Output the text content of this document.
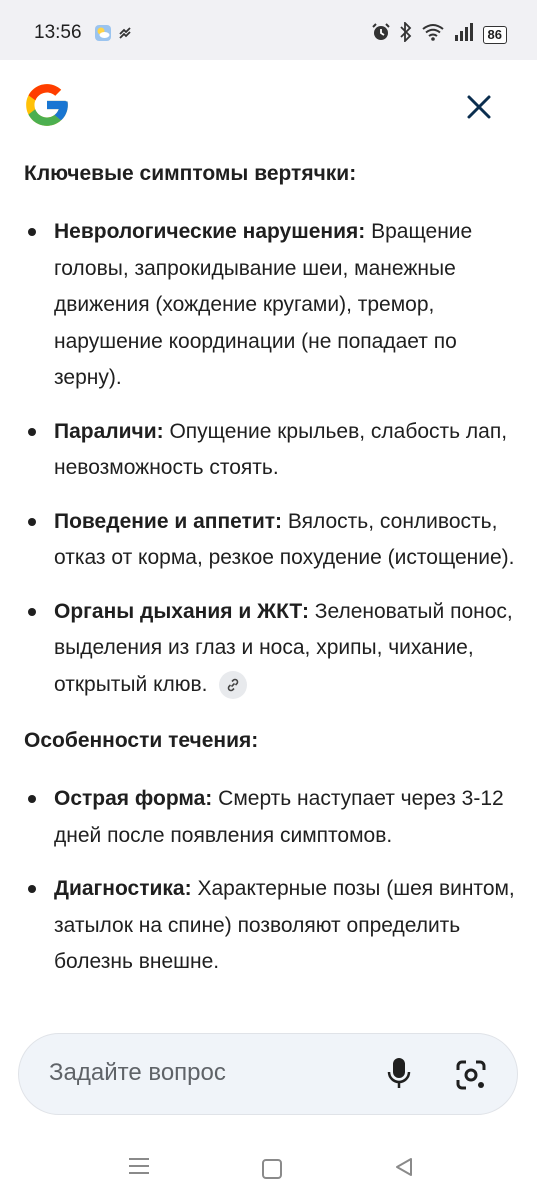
13:56	86
Ключевые симптомы вертячки:
Неврологические нарушения: Вращение головы, запрокидывание шеи, манежные движения (хождение кругами), тремор, нарушение координации (не попадает по зерну).
Параличи: Опущение крыльев, слабость лап, невозможность стоять.
Поведение и аппетит: Вялость, сонливость, отказ от корма, резкое похудение (истощение).
Органы дыхания и ЖКТ: Зеленоватый понос, выделения из глаз и носа, хрипы, чихание, открытый клюв.
Особенности течения:
Острая форма: Смерть наступает через 3-12 дней после появления симптомов.
Диагностика: Характерные позы (шея винтом, затылок на спине) позволяют определить болезнь внешне.
Задайте вопрос
